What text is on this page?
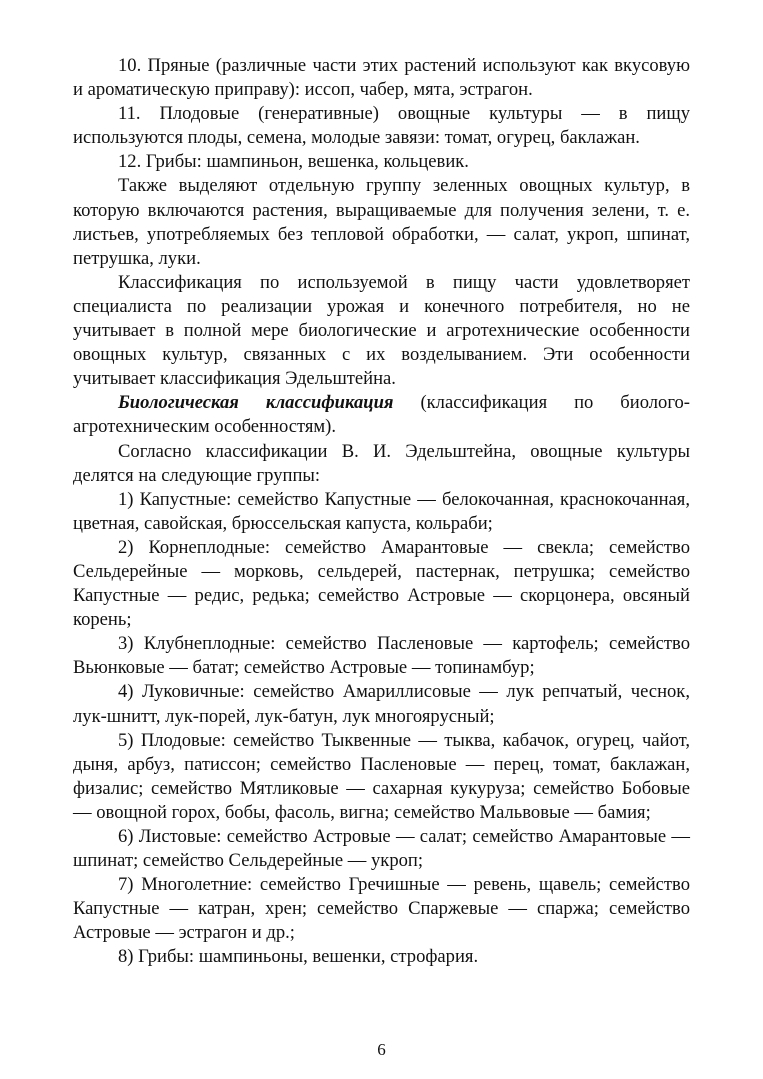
10. Пряные (различные части этих растений используют как вкусовую и ароматическую приправу): иссоп, чабер, мята, эстрагон.

11. Плодовые (генеративные) овощные культуры — в пищу используются плоды, семена, молодые завязи: томат, огурец, баклажан.

12. Грибы: шампиньон, вешенка, кольцевик.

Также выделяют отдельную группу зеленных овощных культур, в которую включаются растения, выращиваемые для получения зелени, т. е. листьев, употребляемых без тепловой обработки, — салат, укроп, шпинат, петрушка, луки.

Классификация по используемой в пищу части удовлетворяет специалиста по реализации урожая и конечного потребителя, но не учитывает в полной мере биологические и агротехнические особенности овощных культур, связанных с их возделыванием. Эти особенности учитывает классификация Эдельштейна.

Биологическая классификация (классификация по биолого-агротехническим особенностям).

Согласно классификации В. И. Эдельштейна, овощные культуры делятся на следующие группы:

1) Капустные: семейство Капустные — белокочанная, краснокочанная, цветная, савойская, брюссельская капуста, кольраби;

2) Корнеплодные: семейство Амарантовые — свекла; семейство Сельдерейные — морковь, сельдерей, пастернак, петрушка; семейство Капустные — редис, редька; семейство Астровые — скорцонера, овсяный корень;

3) Клубнеплодные: семейство Пасленовые — картофель; семейство Вьюнковые — батат; семейство Астровые — топинамбур;

4) Луковичные: семейство Амариллисовые — лук репчатый, чеснок, лук-шнитт, лук-порей, лук-батун, лук многоярусный;

5) Плодовые: семейство Тыквенные — тыква, кабачок, огурец, чайот, дыня, арбуз, патиссон; семейство Пасленовые — перец, томат, баклажан, физалис; семейство Мятликовые — сахарная кукуруза; семейство Бобовые — овощной горох, бобы, фасоль, вигна; семейство Мальвовые — бамия;

6) Листовые: семейство Астровые — салат; семейство Амарантовые — шпинат; семейство Сельдерейные — укроп;

7) Многолетние: семейство Гречишные — ревень, щавель; семейство Капустные — катран, хрен; семейство Спаржевые — спаржа; семейство Астровые — эстрагон и др.;

8) Грибы: шампиньоны, вешенки, строфария.

6
